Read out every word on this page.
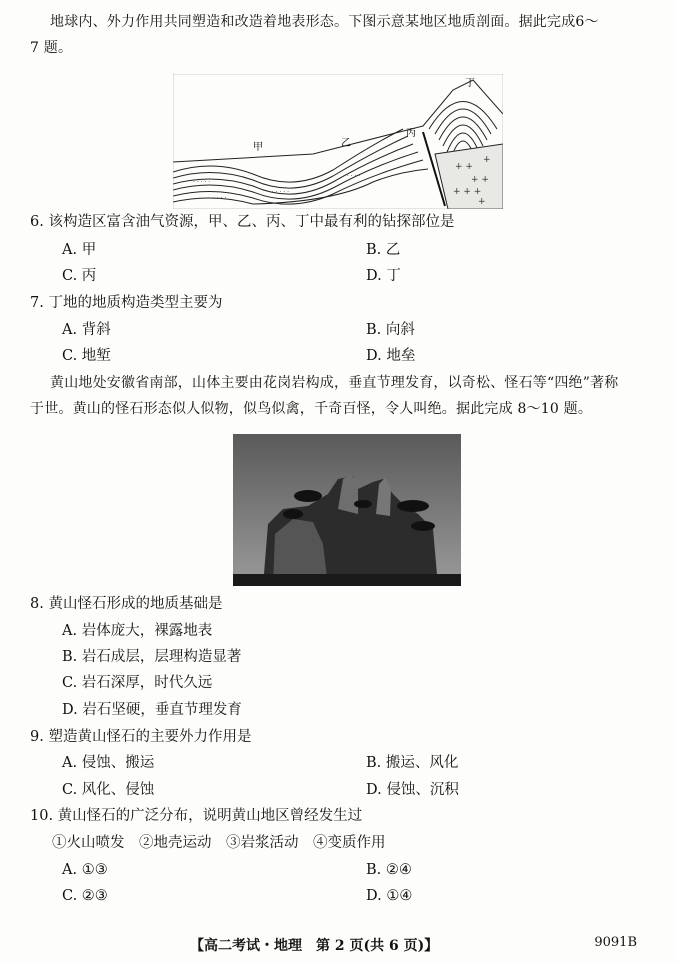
地球内、外力作用共同塑造和改造着地表形态。下图示意某地区地质剖面。据此完成6～
7 题。
+ +
+ +
+ + +
+
+
· · · · ·
· · · · · ·
· · · · ·
· · · ·
甲	乙
丙
丁
6. 该构造区富含油气资源，甲、乙、丙、丁中最有利的钻探部位是
A. 甲	B. 乙
C. 丙	D. 丁
7. 丁地的地质构造类型主要为
A. 背斜	B. 向斜
C. 地堑	D. 地垒
黄山地处安徽省南部，山体主要由花岗岩构成，垂直节理发育，以奇松、怪石等“四绝”著称
于世。黄山的怪石形态似人似物，似鸟似禽，千奇百怪，令人叫绝。据此完成 8～10 题。
8. 黄山怪石形成的地质基础是
A. 岩体庞大，裸露地表
B. 岩石成层，层理构造显著
C. 岩石深厚，时代久远
D. 岩石坚硬，垂直节理发育
9. 塑造黄山怪石的主要外力作用是
A. 侵蚀、搬运	B. 搬运、风化
C. 风化、侵蚀	D. 侵蚀、沉积
10. 黄山怪石的广泛分布，说明黄山地区曾经发生过
①火山喷发　②地壳运动　③岩浆活动　④变质作用
A. ①③	B. ②④
C. ②③	D. ①④
【高二考试・地理　第 2 页(共 6 页)】	9091B
